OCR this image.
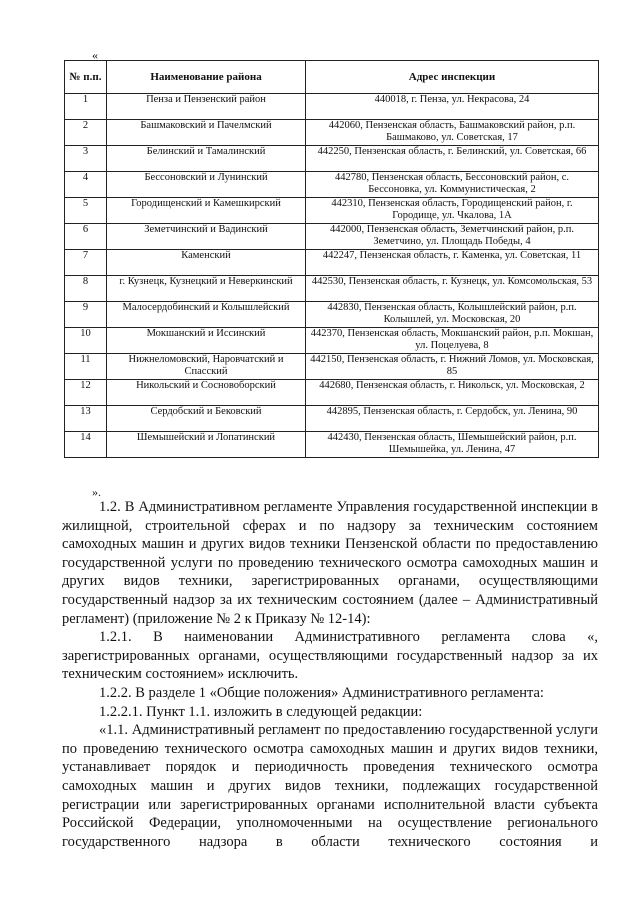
«
№ п.п.	Наименование района	Адрес инспекции
1	Пенза и Пензенский район	440018, г. Пенза, ул. Некрасова, 24
2	Башмаковский и Пачелмский	442060, Пензенская область, Башмаковский район, р.п. Башмаково, ул. Советская, 17
3	Белинский и Тамалинский	442250, Пензенская область, г. Белинский, ул. Советская, 66
4	Бессоновский и Лунинский	442780, Пензенская область, Бессоновский район, с. Бессоновка, ул. Коммунистическая, 2
5	Городищенский и Камешкирский	442310, Пензенская область, Городищенский район, г. Городище, ул. Чкалова, 1А
6	Земетчинский и Вадинский	442000, Пензенская область, Земетчинский район, р.п. Земетчино, ул. Площадь Победы, 4
7	Каменский	442247, Пензенская область, г. Каменка, ул. Советская, 11
8	г. Кузнецк, Кузнецкий и Неверкинский	442530, Пензенская область, г. Кузнецк, ул. Комсомольская, 53
9	Малосердобинский и Колышлейский	442830, Пензенская область, Колышлейский район, р.п. Колышлей, ул. Московская, 20
10	Мокшанский и Иссинский	442370, Пензенская область, Мокшанский район, р.п. Мокшан, ул. Поцелуева, 8
11	Нижнеломовский, Наровчатский и Спасский	442150, Пензенская область, г. Нижний Ломов, ул. Московская, 85
12	Никольский и Сосновоборский	442680, Пензенская область, г. Никольск, ул. Московская, 2
13	Сердобский и Бековский	442895, Пензенская область, г. Сердобск, ул. Ленина, 90
14	Шемышейский и Лопатинский	442430, Пензенская область, Шемышейский район, р.п. Шемышейка, ул. Ленина, 47
».

1.2. В Административном регламенте Управления государственной инспекции в жилищной, строительной сферах и по надзору за техническим состоянием самоходных машин и других видов техники Пензенской области по предоставлению государственной услуги по проведению технического осмотра самоходных машин и других видов техники, зарегистрированных органами, осуществляющими государственный надзор за их техническим состоянием (далее – Административный регламент) (приложение № 2 к Приказу № 12-14):

1.2.1. В наименовании Административного регламента слова «, зарегистрированных органами, осуществляющими государственный надзор за их техническим состоянием» исключить.

1.2.2. В разделе 1 «Общие положения» Административного регламента:

1.2.2.1. Пункт 1.1. изложить в следующей редакции:

«1.1. Административный регламент по предоставлению государственной услуги по проведению технического осмотра самоходных машин и других видов техники, устанавливает порядок и периодичность проведения технического осмотра самоходных машин и других видов техники, подлежащих государственной регистрации или зарегистрированных органами исполнительной власти субъекта Российской Федерации, уполномоченными на осуществление регионального государственного надзора в области технического состояния и
